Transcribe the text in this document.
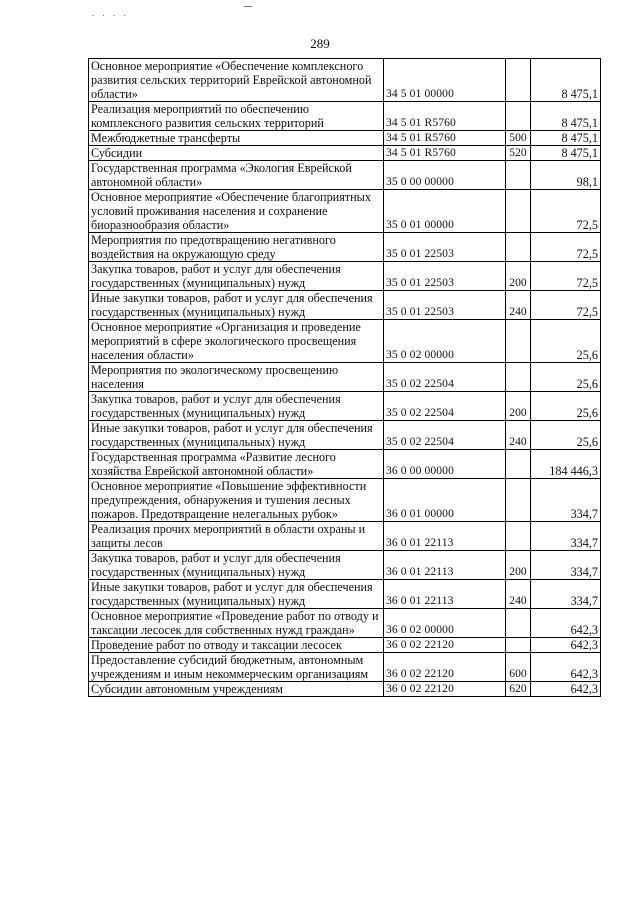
. . . .
289
Основное мероприятие «Обеспечение комплексного развития сельских территорий Еврейской автономной области»	34 5 01 00000		8 475,1
Реализация мероприятий по обеспечению комплексного развития сельских территорий	34 5 01 R5760		8 475,1
Межбюджетные трансферты	34 5 01 R5760	500	8 475,1
Субсидии	34 5 01 R5760	520	8 475,1
Государственная программа «Экология Еврейской автономной области»	35 0 00 00000		98,1
Основное мероприятие «Обеспечение благоприятных условий проживания населения и сохранение биоразнообразия области»	35 0 01 00000		72,5
Мероприятия по предотвращению негативного воздействия на окружающую среду	35 0 01 22503		72,5
Закупка товаров, работ и услуг для обеспечения государственных (муниципальных) нужд	35 0 01 22503	200	72,5
Иные закупки товаров, работ и услуг для обеспечения государственных (муниципальных) нужд	35 0 01 22503	240	72,5
Основное мероприятие «Организация и проведение мероприятий в сфере экологического просвещения населения области»	35 0 02 00000		25,6
Мероприятия по экологическому просвещению населения	35 0 02 22504		25,6
Закупка товаров, работ и услуг для обеспечения государственных (муниципальных) нужд	35 0 02 22504	200	25,6
Иные закупки товаров, работ и услуг для обеспечения государственных (муниципальных) нужд	35 0 02 22504	240	25,6
Государственная программа «Развитие лесного хозяйства Еврейской автономной области»	36 0 00 00000		184 446,3
Основное мероприятие «Повышение эффективности предупреждения, обнаружения и тушения лесных пожаров. Предотвращение нелегальных рубок»	36 0 01 00000		334,7
Реализация прочих мероприятий в области охраны и защиты лесов	36 0 01 22113		334,7
Закупка товаров, работ и услуг для обеспечения государственных (муниципальных) нужд	36 0 01 22113	200	334,7
Иные закупки товаров, работ и услуг для обеспечения государственных (муниципальных) нужд	36 0 01 22113	240	334,7
Основное мероприятие «Проведение работ по отводу и таксации лесосек для собственных нужд граждан»	36 0 02 00000		642,3
Проведение работ по отводу и таксации лесосек	36 0 02 22120		642,3
Предоставление субсидий бюджетным, автономным учреждениям и иным некоммерческим организациям	36 0 02 22120	600	642,3
Субсидии автономным учреждениям	36 0 02 22120	620	642,3
